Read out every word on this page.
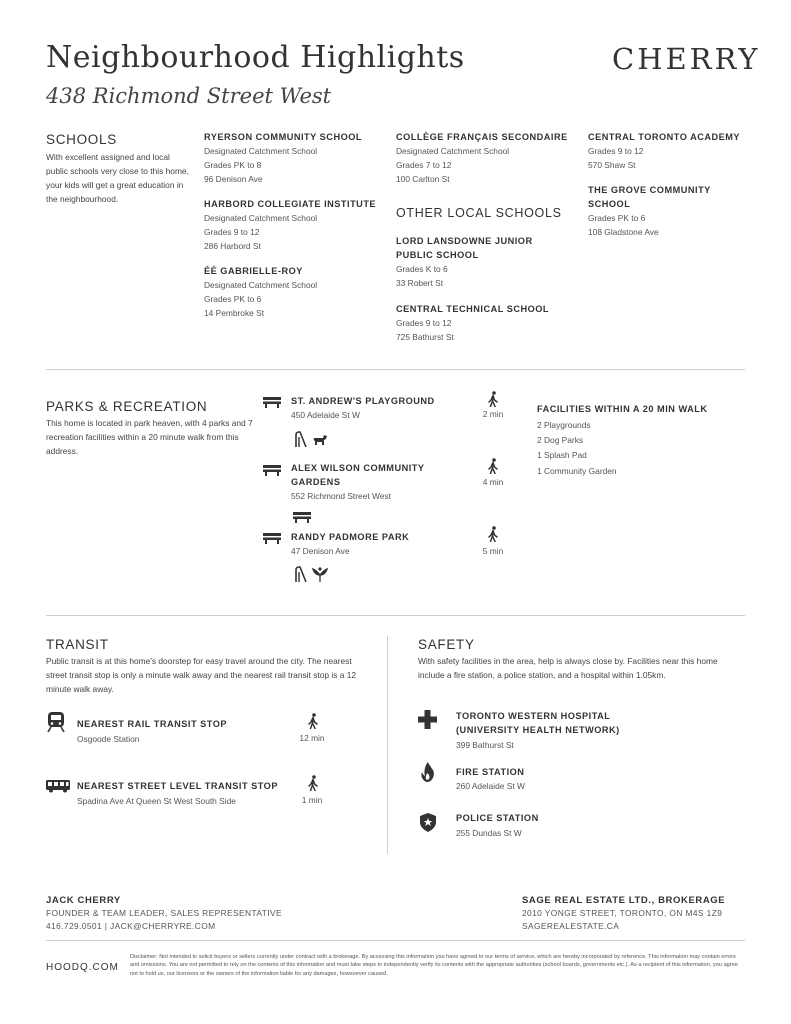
Neighbourhood Highlights
438 Richmond Street West
CHERRY
SCHOOLS
With excellent assigned and local public schools very close to this home, your kids will get a great education in the neighbourhood.
RYERSON COMMUNITY SCHOOL
Designated Catchment School
Grades PK to 8
96 Denison Ave
HARBORD COLLEGIATE INSTITUTE
Designated Catchment School
Grades 9 to 12
286 Harbord St
ÉÉ GABRIELLE-ROY
Designated Catchment School
Grades PK to 6
14 Pembroke St
COLLÈGE FRANÇAIS SECONDAIRE
Designated Catchment School
Grades 7 to 12
100 Carlton St
OTHER LOCAL SCHOOLS
LORD LANSDOWNE JUNIOR PUBLIC SCHOOL
Grades K to 6
33 Robert St
CENTRAL TECHNICAL SCHOOL
Grades 9 to 12
725 Bathurst St
CENTRAL TORONTO ACADEMY
Grades 9 to 12
570 Shaw St
THE GROVE COMMUNITY SCHOOL
Grades PK to 6
108 Gladstone Ave
PARKS & RECREATION
This home is located in park heaven, with 4 parks and 7 recreation facilities within a 20 minute walk from this address.
ST. ANDREW'S PLAYGROUND
450 Adelaide St W	2 min
ALEX WILSON COMMUNITY GARDENS
552 Richmond Street West
4 min
RANDY PADMORE PARK
47 Denison Ave	5 min
FACILITIES WITHIN A 20 MIN WALK
2 Playgrounds
2 Dog Parks
1 Splash Pad
1 Community Garden
TRANSIT
Public transit is at this home's doorstep for easy travel around the city. The nearest street transit stop is only a minute walk away and the nearest rail transit stop is a 12 minute walk away.
NEAREST RAIL TRANSIT STOP
Osgoode Station	12 min
NEAREST STREET LEVEL TRANSIT STOP
Spadina Ave At Queen St West South Side	1 min
SAFETY
With safety facilities in the area, help is always close by. Facilities near this home include a fire station, a police station, and a hospital within 1.05km.
TORONTO WESTERN HOSPITAL (UNIVERSITY HEALTH NETWORK)
399 Bathurst St
FIRE STATION
260 Adelaide St W
POLICE STATION
255 Dundas St W
JACK CHERRY
FOUNDER & TEAM LEADER, SALES REPRESENTATIVE
416.729.0501 | JACK@CHERRYRE.COM
SAGE REAL ESTATE LTD., BROKERAGE
2010 YONGE STREET, TORONTO, ON M4S 1Z9
SAGEREALESTATE.CA
HOODQ.COM
Disclaimer: Not intended to solicit buyers or sellers currently under contract with a brokerage. By accessing this information you have agreed to our terms of service, which are hereby incorporated by reference. This information may contain errors and omissions. You are not permitted to rely on the contents of this information and must take steps to independently verify its contents with the appropriate authorities (school boards, governments etc.). As a recipient of this information, you agree not to hold us, our licensors or the owners of the information liable for any damages, howsoever caused.
